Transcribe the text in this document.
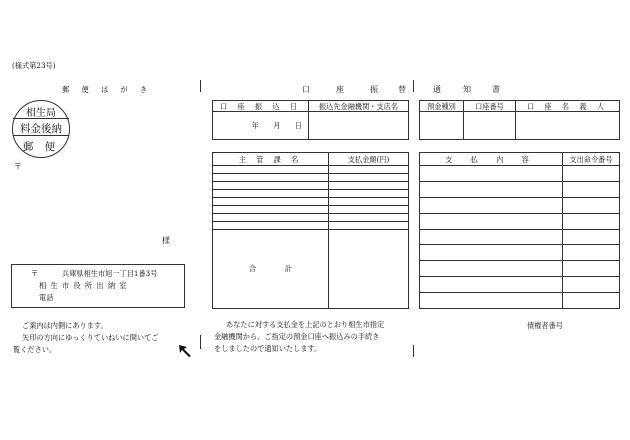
(様式第23号)
郵 便 は が き
相生局
料金後納
郵 便
〒
様
〒	兵庫県相生市旭一丁目1番3号
相 生 市 役 所 出 納 室
電話
ご案内は内側にあります。
矢印の方向にゆっくりていねいに開いてご
覧ください。
口	座	振	替	通	知	書
口 座 振 込 日	振込先金融機関・支店名
年　　月　　日	
預金種別	口座番号	口 座 名 義 人

主 管 課 名	支払金額(円)

合　　　　計	
支 払 内 容	支出命令番号

あなたに対する支払金を上記のとおり相生市指定
金融機関から、ご指定の預金口座へ振込みの手続き
をしましたので通知いたします。
債権者番号
